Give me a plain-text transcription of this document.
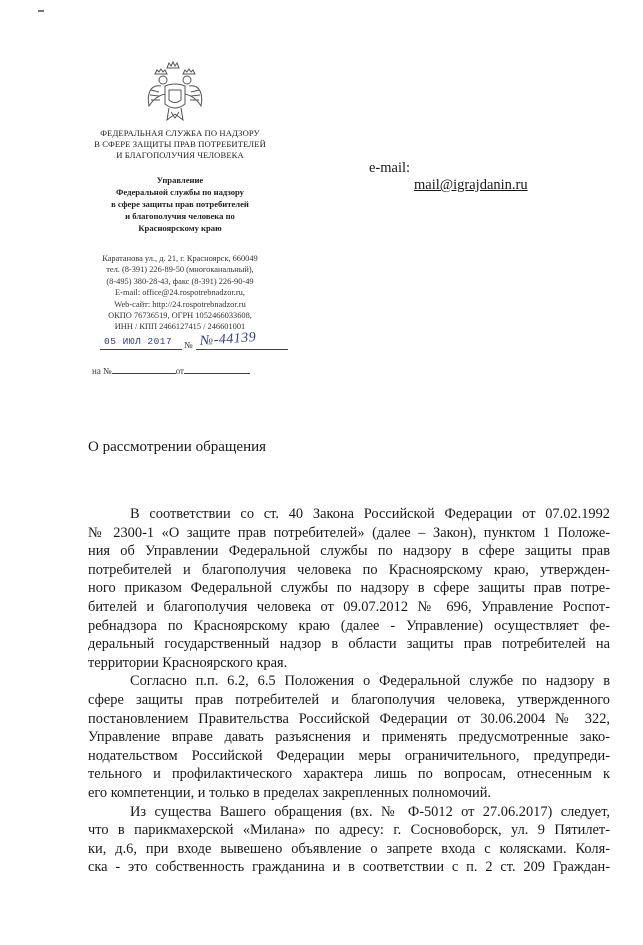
ФЕДЕРАЛЬНАЯ СЛУЖБА ПО НАДЗОРУ
В СФЕРЕ ЗАЩИТЫ ПРАВ ПОТРЕБИТЕЛЕЙ
И БЛАГОПОЛУЧИЯ ЧЕЛОВЕКА
Управление
Федеральной службы по надзору
в сфере защиты прав потребителей
и благополучия человека по
Красноярскому краю
Каратанова ул., д. 21, г. Красноярск, 660049
тел. (8-391) 226-89-50 (многоканальный),
(8-495) 380-28-43, факс (8-391) 226-90-49
E-mail: office@24.rospotrebnadzor.ru,
Web-сайт: http://24.rospotrebnadzor.ru
ОКПО 76736519, ОГРН 1052466033608,
ИНН / КПП 2466127415 / 246601001
05 ИЮЛ 2017 № №-44139
на №	от
e-mail:
mail@igrajdanin.ru
О рассмотрении обращения

В соответствии со ст. 40 Закона Российской Федерации от 07.02.1992

№ 2300-1 «О защите прав потребителей» (далее – Закон), пунктом 1 Положе-

ния об Управлении Федеральной службы по надзору в сфере защиты прав

потребителей и благополучия человека по Красноярскому краю, утвержден-

ного приказом Федеральной службы по надзору в сфере защиты прав потре-

бителей и благополучия человека от 09.07.2012 № 696, Управление Роспот-

ребнадзора по Красноярскому краю (далее - Управление) осуществляет фе-

деральный государственный надзор в области защиты прав потребителей на

территории Красноярского края.

Согласно п.п. 6.2, 6.5 Положения о Федеральной службе по надзору в

сфере защиты прав потребителей и благополучия человека, утвержденного

постановлением Правительства Российской Федерации от 30.06.2004 № 322,

Управление вправе давать разъяснения и применять предусмотренные зако-

нодательством Российской Федерации меры ограничительного, предупреди-

тельного и профилактического характера лишь по вопросам, отнесенным к

его компетенции, и только в пределах закрепленных полномочий.

Из существа Вашего обращения (вх. № Ф-5012 от 27.06.2017) следует,

что в парикмахерской «Милана» по адресу: г. Сосновоборск, ул. 9 Пятилет-

ки, д.6, при входе вывешено объявление о запрете входа с колясками. Коля-

ска - это собственность гражданина и в соответствии с п. 2 ст. 209 Граждан-
